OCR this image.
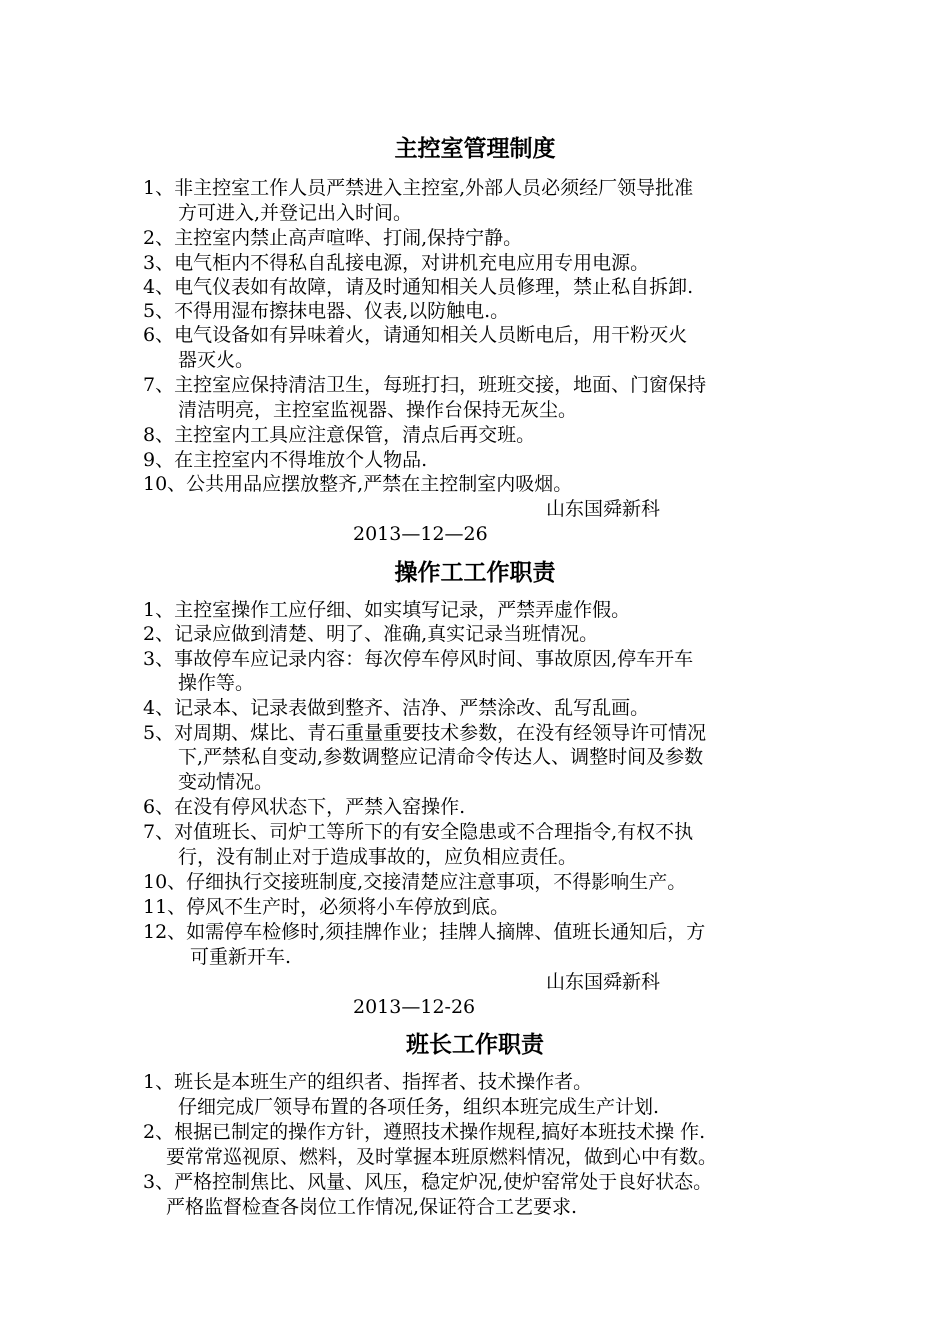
主控室管理制度

1、非主控室工作人员严禁进入主控室,外部人员必须经厂领导批准

方可进入,并登记出入时间。

2、主控室内禁止高声喧哗、打闹,保持宁静。

3、电气柜内不得私自乱接电源，对讲机充电应用专用电源。

4、电气仪表如有故障，请及时通知相关人员修理，禁止私自拆卸.

5、不得用湿布擦抹电器、仪表,以防触电.。

6、电气设备如有异味着火，请通知相关人员断电后，用干粉灭火

器灭火。

7、主控室应保持清洁卫生，每班打扫，班班交接，地面、门窗保持

清洁明亮，主控室监视器、操作台保持无灰尘。

8、主控室内工具应注意保管，清点后再交班。

9、在主控室内不得堆放个人物品.

10、公共用品应摆放整齐,严禁在主控制室内吸烟。

山东国舜新科

2013—12—26

操作工工作职责

1、主控室操作工应仔细、如实填写记录，严禁弄虚作假。

2、记录应做到清楚、明了、准确,真实记录当班情况。

3、事故停车应记录内容：每次停车停风时间、事故原因,停车开车

操作等。

4、记录本、记录表做到整齐、洁净、严禁涂改、乱写乱画。

5、对周期、煤比、青石重量重要技术参数，在没有经领导许可情况

下,严禁私自变动,参数调整应记清命令传达人、调整时间及参数

变动情况。

6、在没有停风状态下，严禁入窑操作.

7、对值班长、司炉工等所下的有安全隐患或不合理指令,有权不执

行，没有制止对于造成事故的，应负相应责任。

10、仔细执行交接班制度,交接清楚应注意事项，不得影响生产。

11、停风不生产时，必须将小车停放到底。

12、如需停车检修时,须挂牌作业；挂牌人摘牌、值班长通知后，方

可重新开车.

山东国舜新科

2013—12-26

班长工作职责

1、班长是本班生产的组织者、指挥者、技术操作者。

仔细完成厂领导布置的各项任务，组织本班完成生产计划.

2、根据已制定的操作方针，遵照技术操作规程,搞好本班技术操 作.

要常常巡视原、燃料，及时掌握本班原燃料情况，做到心中有数。

3、严格控制焦比、风量、风压，稳定炉况,使炉窑常处于良好状态。

严格监督检查各岗位工作情况,保证符合工艺要求.
